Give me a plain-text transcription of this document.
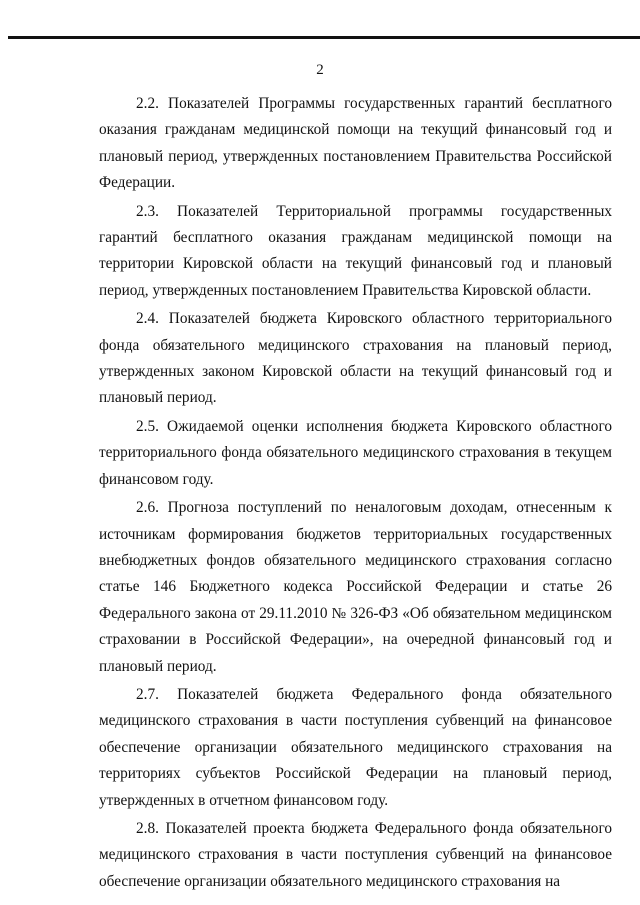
2

2.2. Показателей Программы государственных гарантий бесплатного оказания гражданам медицинской помощи на текущий финансовый год и плановый период, утвержденных постановлением Правительства Российской Федерации.

2.3. Показателей Территориальной программы государственных гарантий бесплатного оказания гражданам медицинской помощи на территории Кировской области на текущий финансовый год и плановый период, утвержденных постановлением Правительства Кировской области.

2.4. Показателей бюджета Кировского областного территориального фонда обязательного медицинского страхования на плановый период, утвержденных законом Кировской области на текущий финансовый год и плановый период.

2.5. Ожидаемой оценки исполнения бюджета Кировского областного территориального фонда обязательного медицинского страхования в текущем финансовом году.

2.6. Прогноза поступлений по неналоговым доходам, отнесенным к источникам формирования бюджетов территориальных государственных внебюджетных фондов обязательного медицинского страхования согласно статье 146 Бюджетного кодекса Российской Федерации и статье 26 Федерального закона от 29.11.2010 № 326-ФЗ «Об обязательном медицинском страховании в Российской Федерации», на очередной финансовый год и плановый период.

2.7. Показателей бюджета Федерального фонда обязательного медицинского страхования в части поступления субвенций на финансовое обеспечение организации обязательного медицинского страхования на территориях субъектов Российской Федерации на плановый период, утвержденных в отчетном финансовом году.

2.8. Показателей проекта бюджета Федерального фонда обязательного медицинского страхования в части поступления субвенций на финансовое обеспечение организации обязательного медицинского страхования на
